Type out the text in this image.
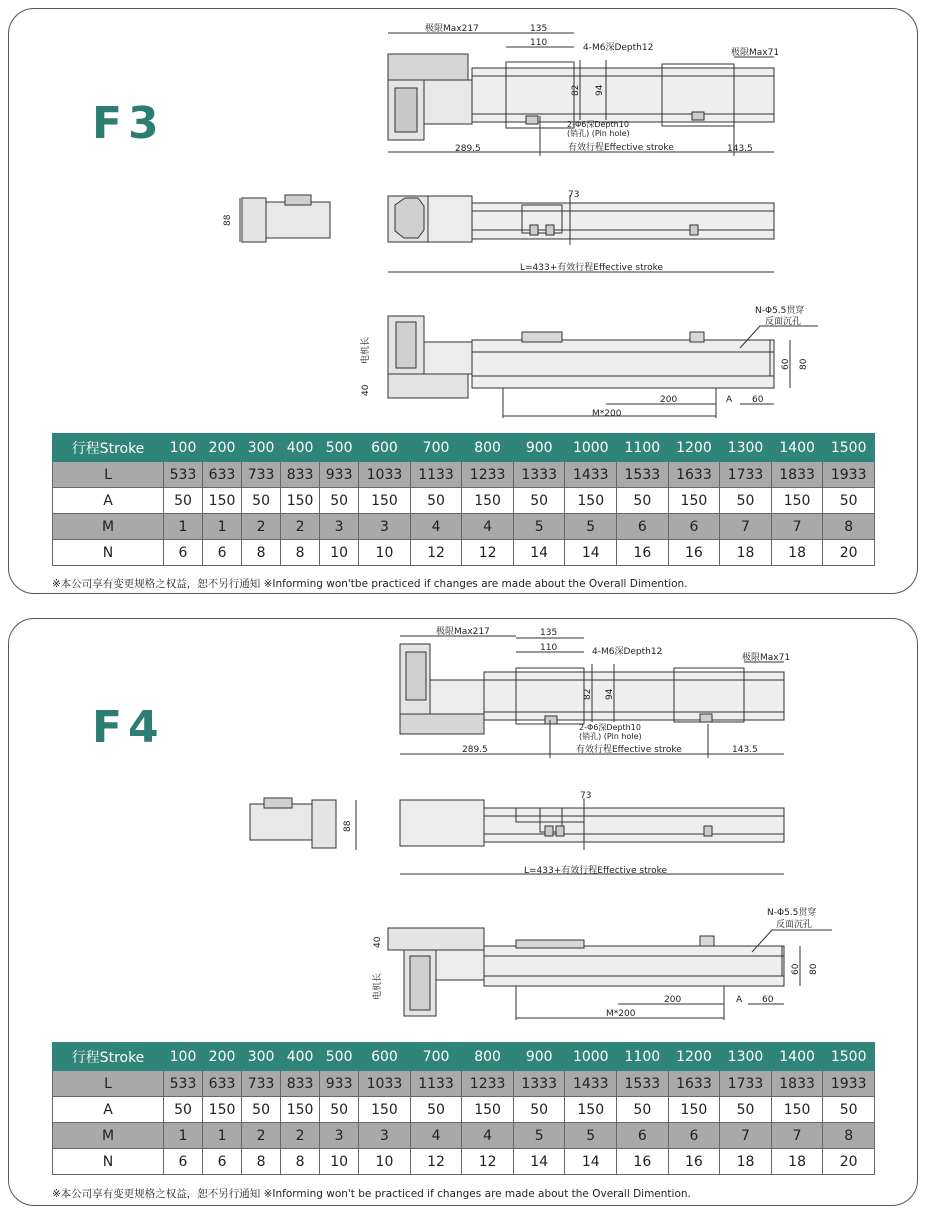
F3
极限Max217	135
110	4-M6深Depth12	极限Max71
82 94
2-Φ6深Depth10
(销孔) (Pin hole)
289.5	有效行程Effective stroke	143.5
88
73
L=433+有效行程Effective stroke
N-Φ5.5贯穿
反面沉孔
电机长
40
60 80
200	A 60
M*200
行程Stroke	100	200	300	400	500	600	700	800	900	1000	1100	1200	1300	1400	1500
L	533	633	733	833	933	1033	1133	1233	1333	1433	1533	1633	1733	1833	1933
A	50	150	50	150	50	150	50	150	50	150	50	150	50	150	50
M	1	1	2	2	3	3	4	4	5	5	6	6	7	7	8
N	6	6	8	8	10	10	12	12	14	14	16	16	18	18	20
※本公司享有变更规格之权益，恕不另行通知 ※Informing won'tbe practiced if changes are made about the Overall Dimention.
F4
极限Max217	135
110	4-M6深Depth12
极限Max71
82 94
2-Φ6深Depth10
(销孔) (Pin hole)
289.5	有效行程Effective stroke	143.5
88
73
L=433+有效行程Effective stroke
N-Φ5.5贯穿
反面沉孔
40
电机长
60 80
200	A 60
M*200
行程Stroke	100	200	300	400	500	600	700	800	900	1000	1100	1200	1300	1400	1500
L	533	633	733	833	933	1033	1133	1233	1333	1433	1533	1633	1733	1833	1933
A	50	150	50	150	50	150	50	150	50	150	50	150	50	150	50
M	1	1	2	2	3	3	4	4	5	5	6	6	7	7	8
N	6	6	8	8	10	10	12	12	14	14	16	16	18	18	20
※本公司享有变更规格之权益，恕不另行通知 ※Informing won't be practiced if changes are made about the Overall Dimention.
